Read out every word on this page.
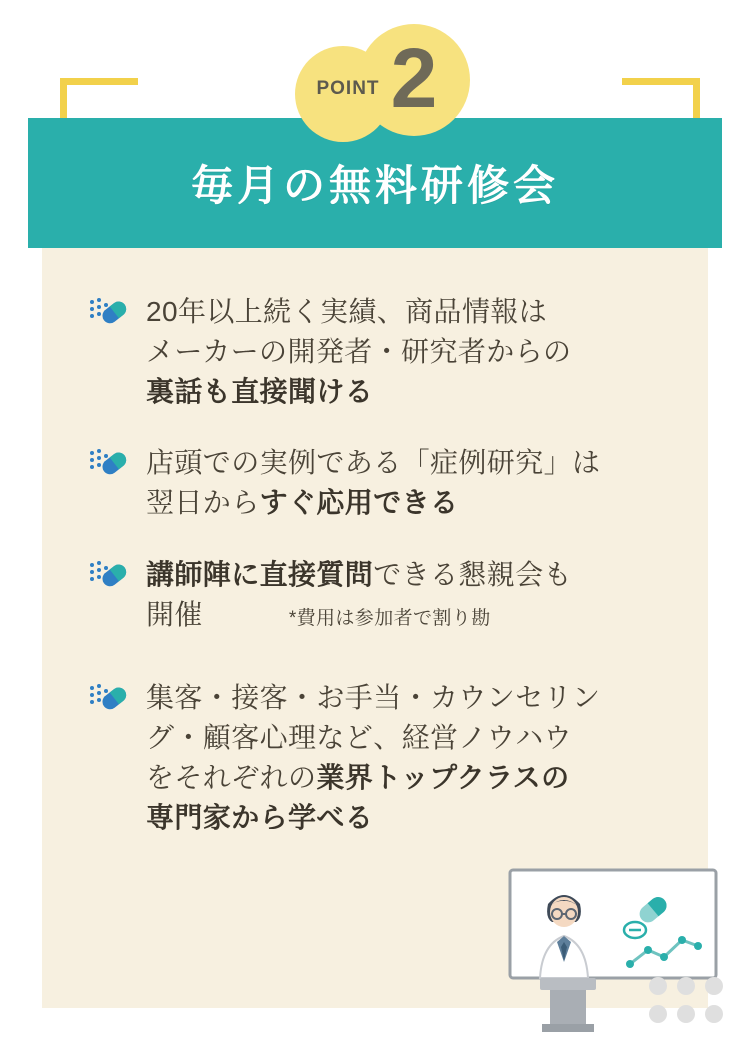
POINT 2
毎月の無料研修会
20年以上続く実績、商品情報は
メーカーの開発者・研究者からの
裏話も直接聞ける
店頭での実例である「症例研究」は
翌日からすぐ応用できる
講師陣に直接質問できる懇親会も
開催	*費用は参加者で割り勘
集客・接客・お手当・カウンセリン
グ・顧客心理など、経営ノウハウ
をそれぞれの業界トップクラスの
専門家から学べる
